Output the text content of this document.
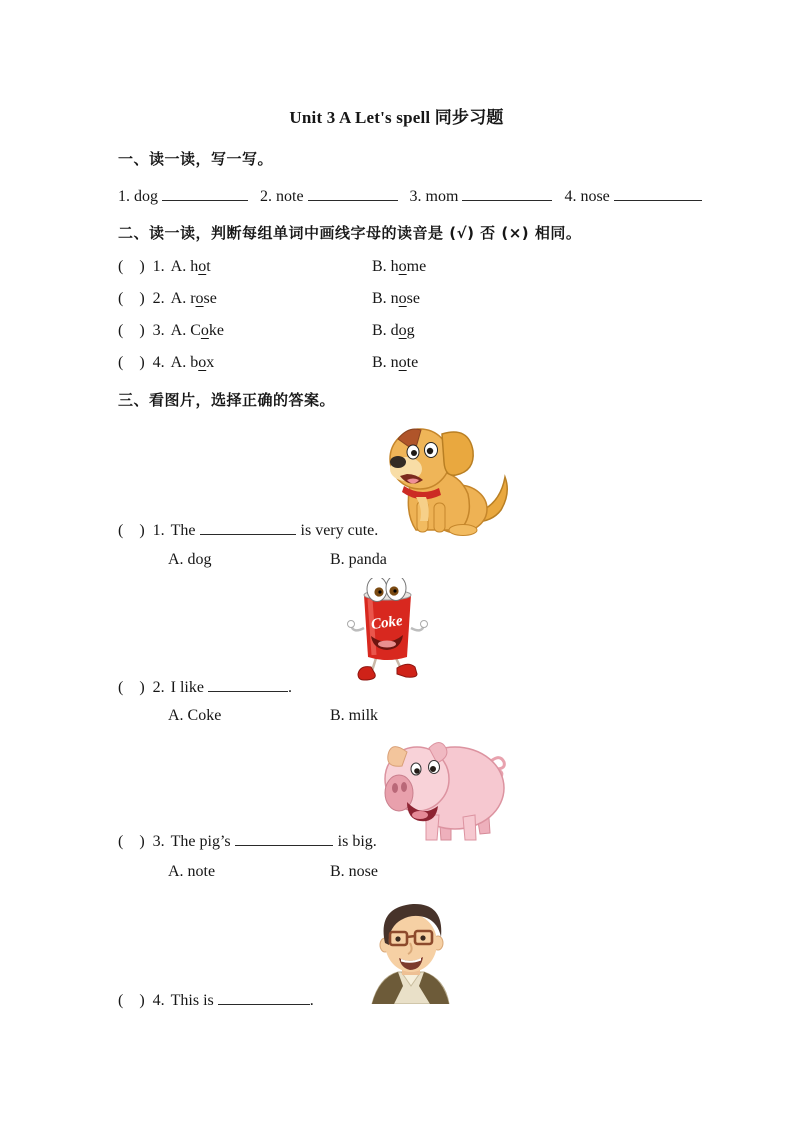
Unit 3 A Let's spell 同步习题
一、读一读，写一写。
1. dog	2. note	3. mom	4. nose
二、读一读，判断每组单词中画线字母的读音是 (√) 否 (×) 相同。
(    ) 1. A. hot	B. home
(    ) 2. A. rose	B. nose
(    ) 3. A. Coke	B. dog
(    ) 4. A. box	B. note
三、看图片，选择正确的答案。
(    ) 1. The	is very cute.
A. dog	B. panda
Coke
(    ) 2. I like	.
A. Coke	B. milk
(    ) 3. The pig’s	is big.
A. note	B. nose
(    ) 4. This is	.
